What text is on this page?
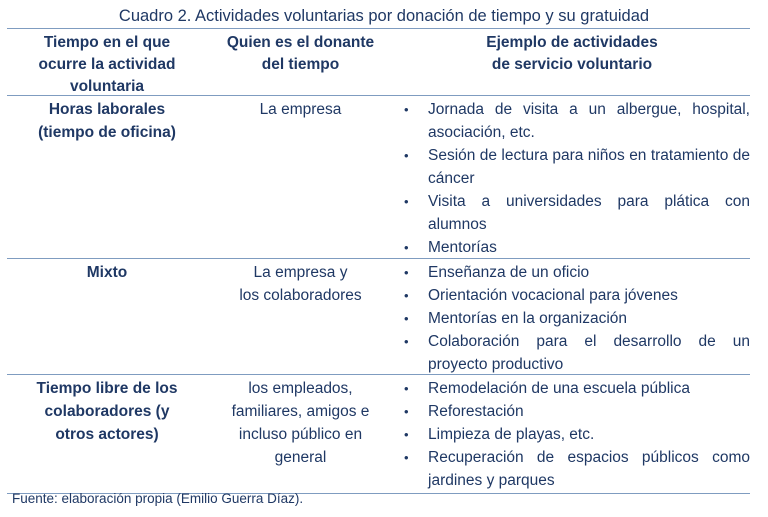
Cuadro 2. Actividades voluntarias por donación de tiempo y su gratuidad
Tiempo en el que
ocurre la actividad
voluntaria
Quien es el donante
del tiempo
Ejemplo de actividades
de servicio voluntario
Horas laborales
(tiempo de oficina)
La empresa	• Jornada de visita a un albergue, hospital, asociación, etc.
• Sesión de lectura para niños en tratamiento de cáncer
• Visita a universidades para plática con alumnos
• Mentorías
Mixto	La empresa y
los colaboradores
• Enseñanza de un oficio
• Orientación vocacional para jóvenes
• Mentorías en la organización
• Colaboración para el desarrollo de un proyecto productivo
Tiempo libre de los
colaboradores (y
otros actores)
los empleados,
familiares, amigos e
incluso público en
general
• Remodelación de una escuela pública
• Reforestación
• Limpieza de playas, etc.
• Recuperación de espacios públicos como jardines y parques
Fuente: elaboración propia (Emilio Guerra Díaz).
